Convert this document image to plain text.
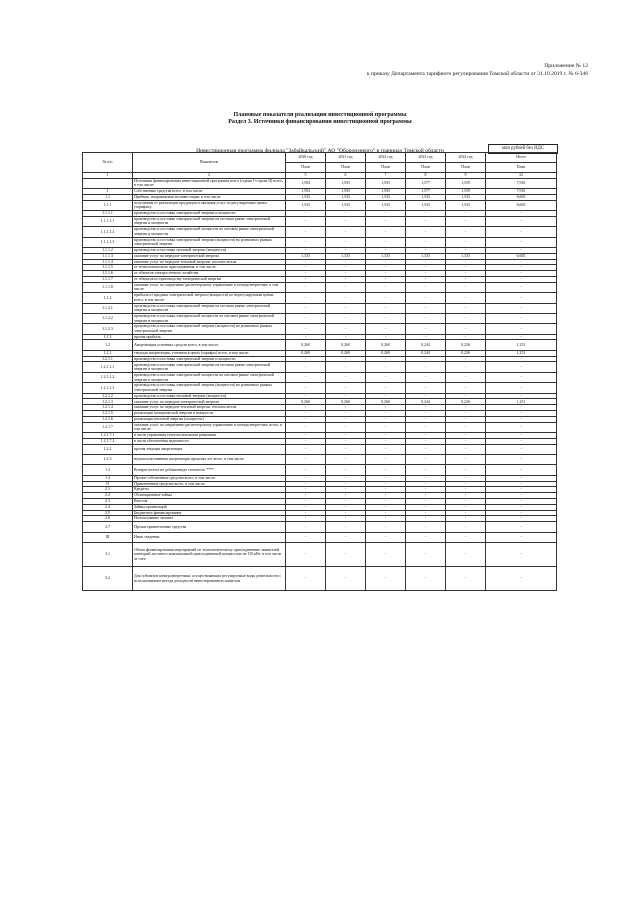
Приложение № 12
к приказу Департамента тарифного регулирования Томской области от 31.10.2019 г. № 6-346
Плановые показатели реализации инвестиционной программы
Раздел 3. Источники финансирования инвестиционной программы
Инвестиционная программа филиала "Забайкальский" АО "Оборонэнерго" в границах Томской области	млн рублей без НДС
№ п/п	Показатель	2020 год	2021 год	2022 год	2023 год	2024 год	Итого
		План	План	План	План	План	План
1	2	5	6	7	8	9	32
	Источники финансирования инвестиционной программы всего (строка I+строка II) всего, в том числе:	1,594	1,593	1,593	1,577	1,559	7,916
I	Собственные средства всего, в том числе:	1,594	1,593	1,593	1,577	1,559	7,916
1.1	Прибыль, направляемая на инвестиции, в том числе:	1,333	1,333	1,333	1,333	1,333	6,665
1.1.1	полученная от реализации продукции и оказания услуг по регулируемым ценам (тарифам):	1,333	1,333	1,333	1,333	1,333	6,665
1.1.1.1	производство и поставка электрической энергии и мощности	-	-	-	-	-	-
1.1.1.1.1	производство и поставка электрической энергии на оптовом рынке электрической энергии и мощности	-	-	-	-	-	-
1.1.1.1.2	производство и поставка электрической мощности на оптовом рынке электрической энергии и мощности	-	-	-	-	-	-
1.1.1.1.3	производство и поставка электрической энергии (мощности) на розничных рынках электрической энергии	-	-	-	-	-	-
1.1.1.2	производство и поставка тепловой энергии (мощности)	-	-	-	-	-	-
1.1.1.3	оказание услуг по передаче электрической энергии	1,333	1,333	1,333	1,333	1,333	6,665
1.1.1.4	оказание услуг по передаче тепловой энергии, теплоносителя	-	-	-	-	-	-
1.1.1.5	от технологического присоединения, в том числе:	-	-	-	-	-	-
1.1.1.6	от объектов электросетевого хозяйства	-	-	-	-	-	-
1.1.1.7	от объектов по производству электрической энергии	-	-	-	-	-	-
1.1.1.8	оказание услуг по оперативно-диспетчерскому управлению в электроэнергетике, в том числе:	-	-	-	-	-	-
1.1.2	прибыль от продажи электрической энергии (мощности) по нерегулируемым ценам, всего, в том числе:	-	-	-	-	-	-
1.1.2.1	производство и поставка электрической энергии на оптовом рынке электрической энергии и мощности	-	-	-	-	-	-
1.1.2.2	производство и поставка электрической мощности на оптовом рынке электрической энергии и мощности	-	-	-	-	-	-
1.1.2.3	производство и поставка электрической энергии (мощности) на розничных рынках электрической энергии	-	-	-	-	-	-
1.1.3	прочая прибыль	-	-	-	-	-	-
1.2	Амортизация основных средств всего, в том числе:	0,260	0,260	0,260	0,244	0,226	1,251
1.2.1	текущая амортизация, учтенная в ценах (тарифах) всего, в том числе:	0,260	0,260	0,260	0,244	0,226	1,251
1.2.1.1	производство и поставка электрической энергии и мощности	-	-	-	-	-	-
1.2.1.1.1	производство и поставка электрической энергии на оптовом рынке электрической энергии и мощности	-	-	-	-	-	-
1.2.1.1.2	производство и поставка электрической мощности на оптовом рынке электрической энергии и мощности	-	-	-	-	-	-
1.2.1.1.3	производство и поставка электрической энергии (мощности) на розничных рынках электрической энергии	-	-	-	-	-	-
1.2.1.2	производство и поставка тепловой энергии (мощности)	-	-	-	-	-	-
1.2.1.3	оказание услуг по передаче электрической энергии	0,260	0,260	0,260	0,244	0,226	1,251
1.2.1.4	оказание услуг по передаче тепловой энергии, теплоносителя	-	-	-	-	-	-
1.2.1.5	реализация электрической энергии и мощности	-	-	-	-	-	-
1.2.1.6	реализация тепловой энергии (мощности)	-	-	-	-	-	-
1.2.1.7	оказание услуг по оперативно-диспетчерскому управлению в электроэнергетике, всего, в том числе:	-	-	-	-	-	-
1.2.1.7.1	в части управления технологическими режимами	-	-	-	-	-	-
1.2.1.7.2	в части обеспечения надежности	-	-	-	-	-	-
1.2.2	прочая текущая амортизация	-	-	-	-	-	-
1.2.3	недоиспользованная амортизация прошлых лет всего, в том числе:	-	-	-	-	-	-
1.3	Возврат налога на добавленную стоимость ****	-	-	-	-	-	-
1.4	Прочие собственные средства всего, в том числе:	-	-	-	-	-	-
II	Привлеченные средства всего, в том числе:	-	-	-	-	-	-
2.1	Кредиты	-	-	-	-	-	-
2.2	Облигационные займы	-	-	-	-	-	-
2.3	Векселя	-	-	-	-	-	-
2.4	Займы организаций	-	-	-	-	-	-
2.5	Бюджетное финансирование	-	-	-	-	-	-
2.6	Использование лизинга	-	-	-	-	-	-
2.7	Прочие привлеченные средства	-	-	-	-	-	-
III	Иные сведения:	-	-	-	-	-	-
3.1	Объем финансирования мероприятий по технологическому присоединению заявителей категорий льготного максимальной присоединяемой мощностью не 150 кВт, в том числе за счет:	-	-	-	-	-	-
3.2	Для субъектов электроэнергетики, осуществляющих регулируемые виды деятельности с использованием метода доходности инвестированного капитала	-	-	-	-	-	-
